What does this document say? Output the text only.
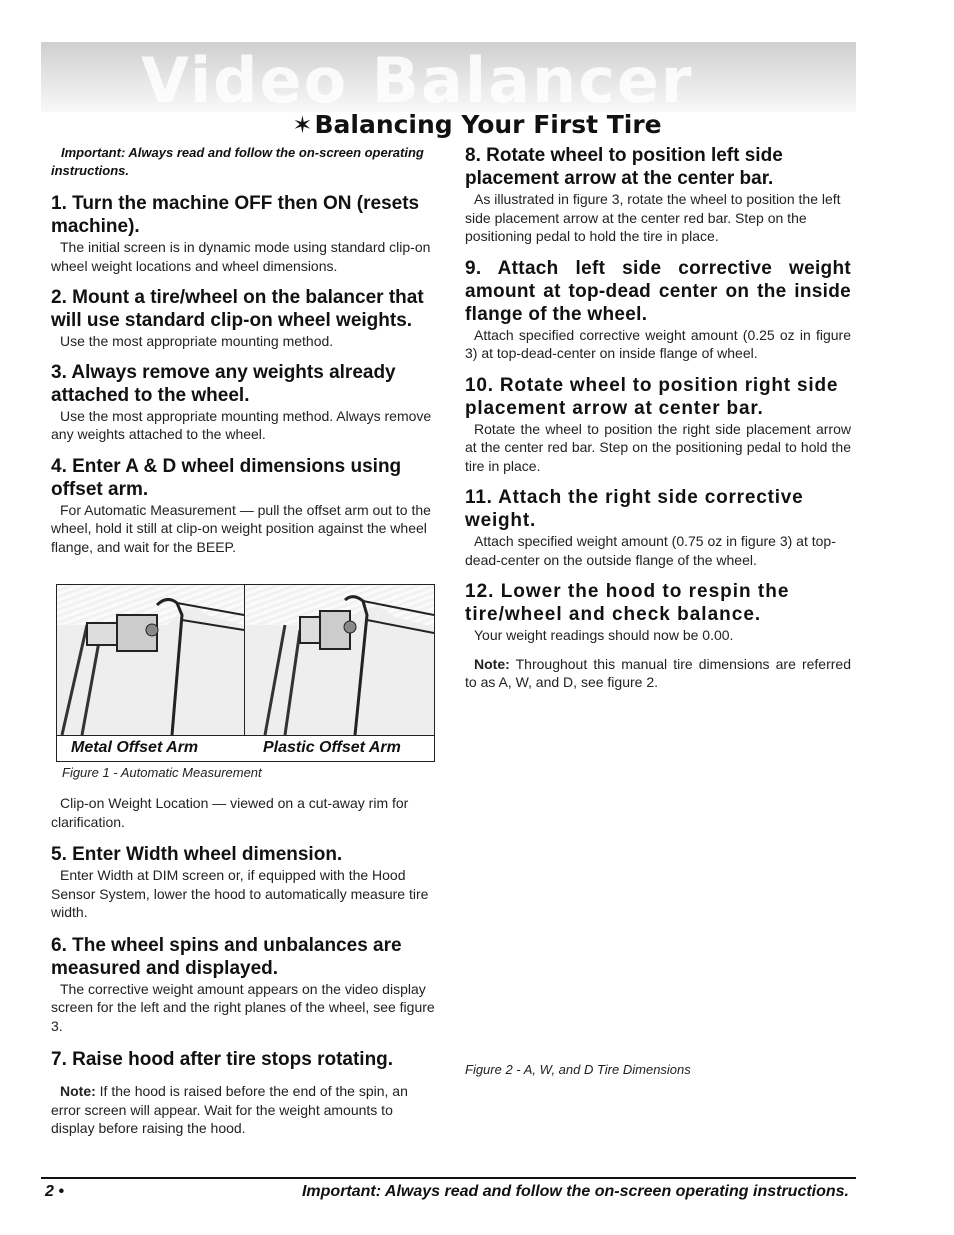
Video Balancer
✶Balancing Your First Tire

Important: Always read and follow the on-screen operating instructions.

1. Turn the machine OFF then ON (resets machine).

The initial screen is in dynamic mode using standard clip-on wheel weight locations and wheel dimensions.

2. Mount a tire/wheel on the balancer that will use standard clip-on wheel weights.

Use the most appropriate mounting method.

3. Always remove any weights already attached to the wheel.

Use the most appropriate mounting method. Always remove any weights attached to the wheel.

4. Enter A & D wheel dimensions using offset arm.

For Automatic Measurement — pull the offset arm out to the wheel, hold it still at clip-on weight position against the wheel flange, and wait for the BEEP.

Metal Offset Arm	Plastic Offset Arm
Figure 1 - Automatic Measurement

Clip-on Weight Location — viewed on a cut-away rim for clarification.

5. Enter Width wheel dimension.

Enter Width at DIM screen or, if equipped with the Hood Sensor System, lower the hood to automatically measure tire width.

6. The wheel spins and unbalances are measured and displayed.

The corrective weight amount appears on the video display screen for the left and the right planes of the wheel, see figure 3.

7. Raise hood after tire stops rotating.

Note: If the hood is raised before the end of the spin, an error screen will appear. Wait for the weight amounts to display before raising the hood.

8. Rotate wheel to position left side placement arrow at the center bar.

As illustrated in figure 3, rotate the wheel to position the left side placement arrow at the center red bar. Step on the positioning pedal to hold the tire in place.

9. Attach left side corrective weight amount at top-dead center on the inside flange of the wheel.

Attach specified corrective weight amount (0.25 oz in figure 3) at top-dead-center on inside flange of wheel.

10. Rotate wheel to position right side placement arrow at center bar.

Rotate the wheel to position the right side placement arrow at the center red bar. Step on the positioning pedal to hold the tire in place.

11. Attach the right side corrective weight.

Attach specified weight amount (0.75 oz in figure 3) at top-dead-center on the outside flange of the wheel.

12. Lower the hood to respin the tire/wheel and check balance.

Your weight readings should now be 0.00.

Note: Throughout this manual tire dimensions are referred to as A, W, and D, see figure 2.

Figure 2 - A, W, and D Tire Dimensions
2 •	Important: Always read and follow the on-screen operating instructions.
